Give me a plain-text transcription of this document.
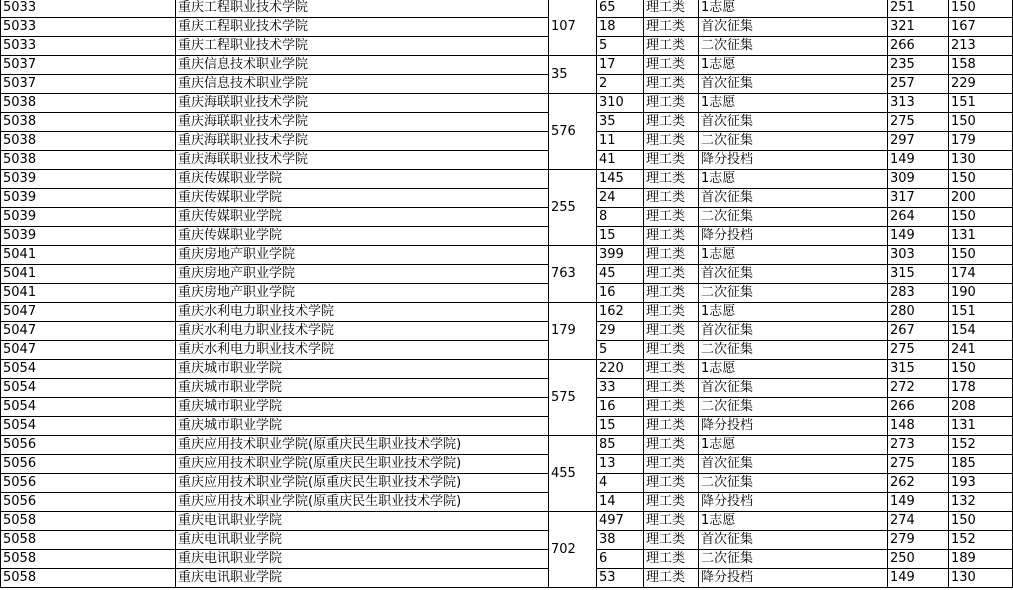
5033	重庆工程职业技术学院	107	65	理工类	1志愿	251	150
5033	重庆工程职业技术学院		18	理工类	首次征集	321	167
5033	重庆工程职业技术学院		5	理工类	二次征集	266	213
5037	重庆信息技术职业学院	35	17	理工类	1志愿	235	158
5037	重庆信息技术职业学院		2	理工类	首次征集	257	229
5038	重庆海联职业技术学院	576	310	理工类	1志愿	313	151
5038	重庆海联职业技术学院		35	理工类	首次征集	275	150
5038	重庆海联职业技术学院		11	理工类	二次征集	297	179
5038	重庆海联职业技术学院		41	理工类	降分投档	149	130
5039	重庆传媒职业学院	255	145	理工类	1志愿	309	150
5039	重庆传媒职业学院		24	理工类	首次征集	317	200
5039	重庆传媒职业学院		8	理工类	二次征集	264	150
5039	重庆传媒职业学院		15	理工类	降分投档	149	131
5041	重庆房地产职业学院	763	399	理工类	1志愿	303	150
5041	重庆房地产职业学院		45	理工类	首次征集	315	174
5041	重庆房地产职业学院		16	理工类	二次征集	283	190
5047	重庆水利电力职业技术学院	179	162	理工类	1志愿	280	151
5047	重庆水利电力职业技术学院		29	理工类	首次征集	267	154
5047	重庆水利电力职业技术学院		5	理工类	二次征集	275	241
5054	重庆城市职业学院	575	220	理工类	1志愿	315	150
5054	重庆城市职业学院		33	理工类	首次征集	272	178
5054	重庆城市职业学院		16	理工类	二次征集	266	208
5054	重庆城市职业学院		15	理工类	降分投档	148	131
5056	重庆应用技术职业学院(原重庆民生职业技术学院)	455	85	理工类	1志愿	273	152
5056	重庆应用技术职业学院(原重庆民生职业技术学院)		13	理工类	首次征集	275	185
5056	重庆应用技术职业学院(原重庆民生职业技术学院)		4	理工类	二次征集	262	193
5056	重庆应用技术职业学院(原重庆民生职业技术学院)		14	理工类	降分投档	149	132
5058	重庆电讯职业学院	702	497	理工类	1志愿	274	150
5058	重庆电讯职业学院		38	理工类	首次征集	279	152
5058	重庆电讯职业学院		6	理工类	二次征集	250	189
5058	重庆电讯职业学院		53	理工类	降分投档	149	130
